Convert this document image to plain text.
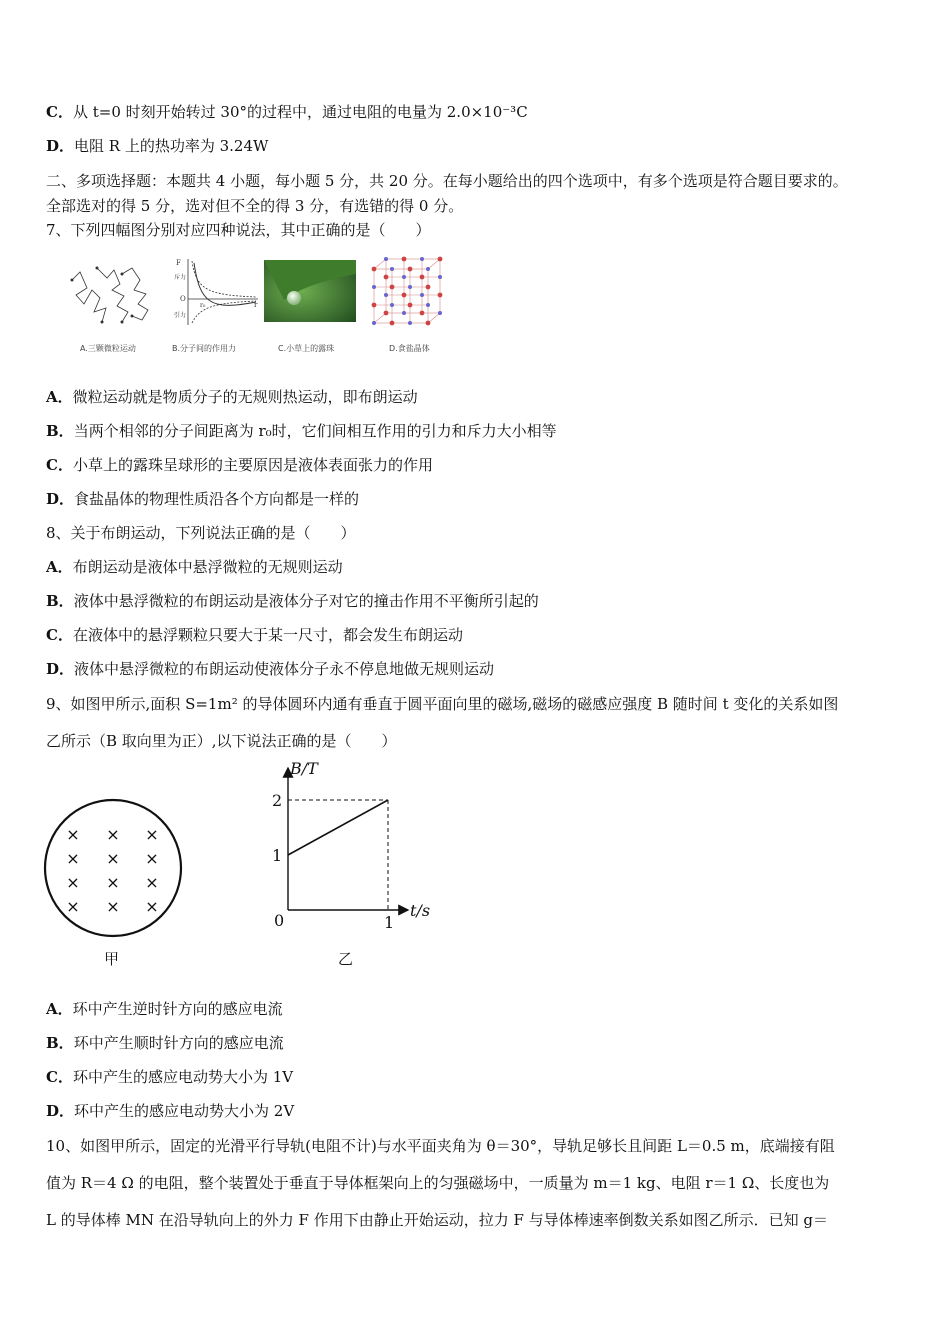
C．从 t=0 时刻开始转过 30°的过程中，通过电阻的电量为 2.0×10⁻³C
D．电阻 R 上的热功率为 3.24W
二、多项选择题：本题共 4 小题，每小题 5 分，共 20 分。在每小题给出的四个选项中，有多个选项是符合题目要求的。
全部选对的得 5 分，选对但不全的得 3 分，有选错的得 0 分。
7、下列四幅图分别对应四种说法，其中正确的是（　　）
A.三颗微粒运动
F
斥力
O
r₀
引力
r
B.分子间的作用力	C.小草上的露珠	D.食盐晶体
A．微粒运动就是物质分子的无规则热运动，即布朗运动
B．当两个相邻的分子间距离为 r₀时，它们间相互作用的引力和斥力大小相等
C．小草上的露珠呈球形的主要原因是液体表面张力的作用
D．食盐晶体的物理性质沿各个方向都是一样的
8、关于布朗运动，下列说法正确的是（　　）
A．布朗运动是液体中悬浮微粒的无规则运动
B．液体中悬浮微粒的布朗运动是液体分子对它的撞击作用不平衡所引起的
C．在液体中的悬浮颗粒只要大于某一尺寸，都会发生布朗运动
D．液体中悬浮微粒的布朗运动使液体分子永不停息地做无规则运动
9、如图甲所示,面积 S=1m² 的导体圆环内通有垂直于圆平面向里的磁场,磁场的磁感应强度 B 随时间 t 变化的关系如图
乙所示（B 取向里为正）,以下说法正确的是（　　）
× × ×
× × ×
× × ×
× × ×
甲
B/T
t/s
0
1
2
1
乙
A．环中产生逆时针方向的感应电流
B．环中产生顺时针方向的感应电流
C．环中产生的感应电动势大小为 1V
D．环中产生的感应电动势大小为 2V
10、如图甲所示，固定的光滑平行导轨(电阻不计)与水平面夹角为 θ＝30°，导轨足够长且间距 L＝0.5 m，底端接有阻
值为 R＝4 Ω 的电阻，整个装置处于垂直于导体框架向上的匀强磁场中，一质量为 m＝1 kg、电阻 r＝1 Ω、长度也为
L 的导体棒 MN 在沿导轨向上的外力 F 作用下由静止开始运动，拉力 F 与导体棒速率倒数关系如图乙所示．已知 g＝
